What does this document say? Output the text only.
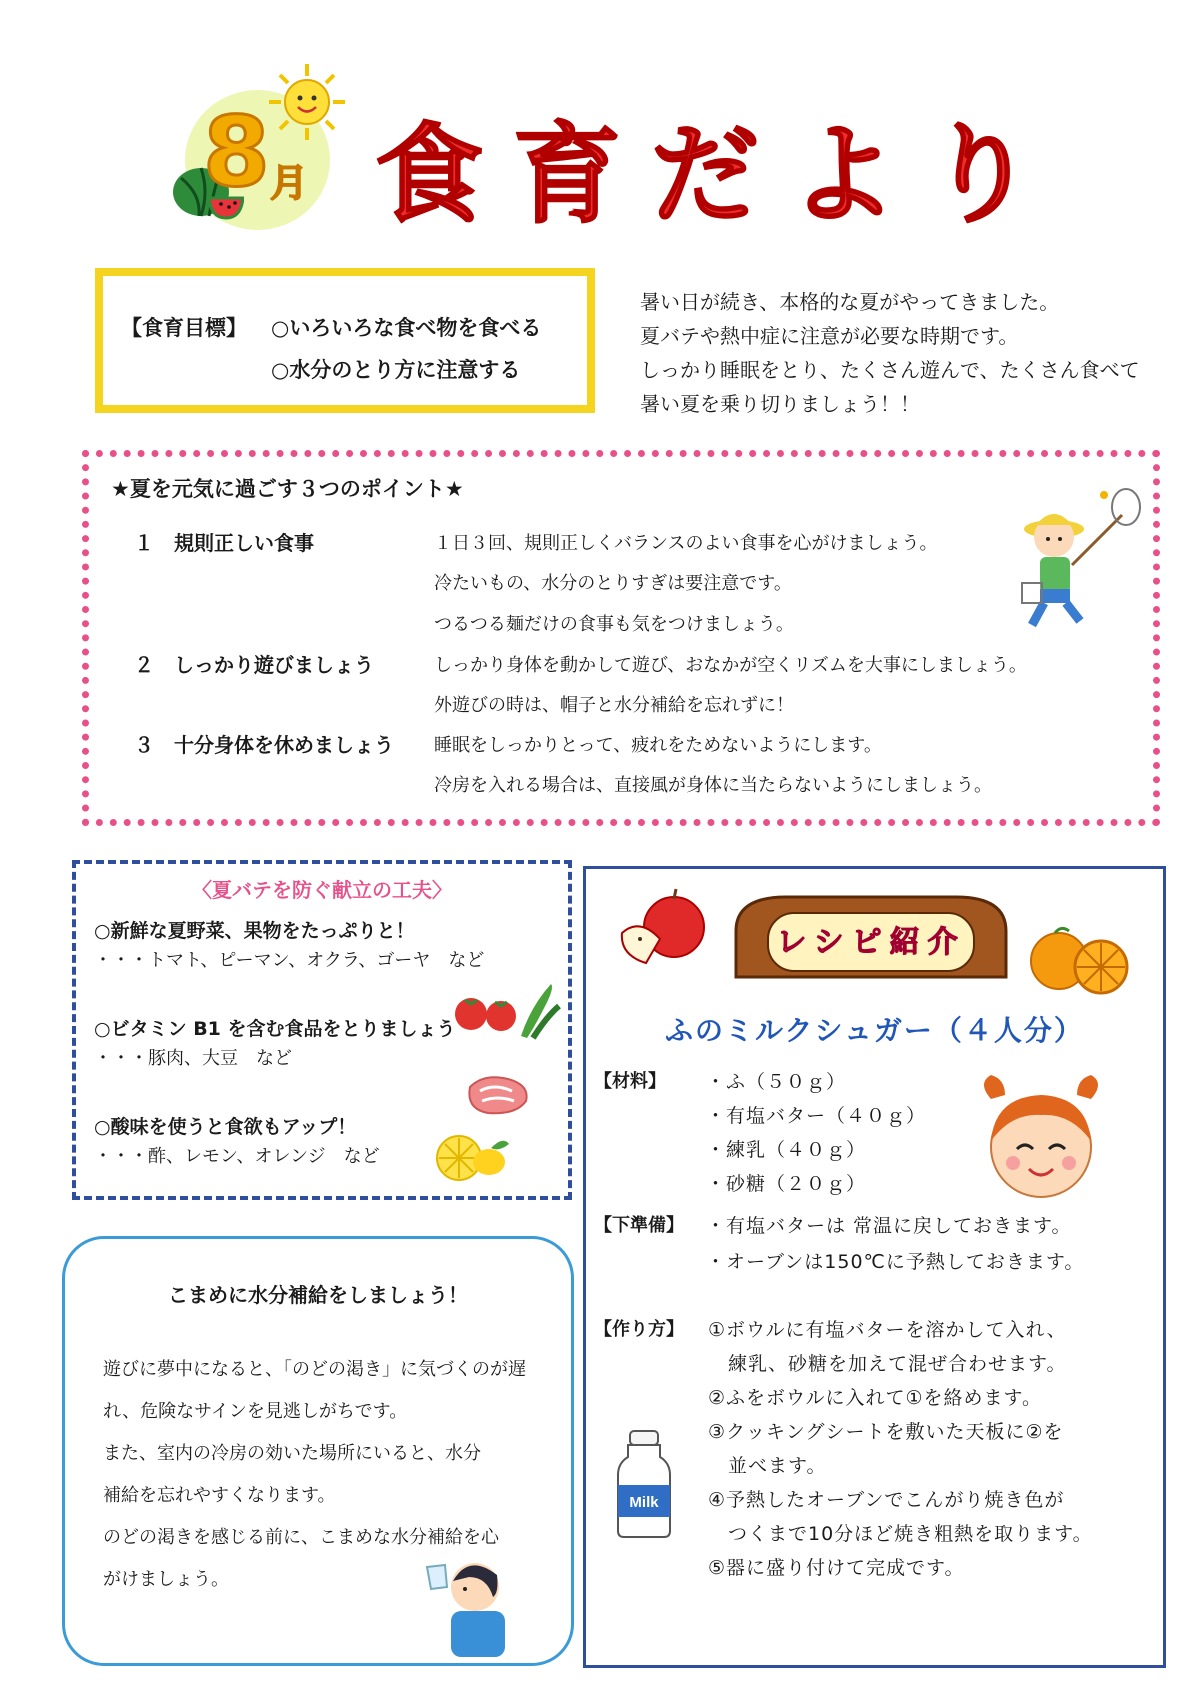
8 月 食育だより
【食育目標】 ○いろいろな食べ物を食べる
○水分のとり方に注意する
暑い日が続き、本格的な夏がやってきました。
夏バテや熱中症に注意が必要な時期です。
しっかり睡眠をとり、たくさん遊んで、たくさん食べて
暑い夏を乗り切りましょう！！
★夏を元気に過ごす３つのポイント★
１　規則正しい食事	１日３回、規則正しくバランスのよい食事を心がけましょう。
冷たいもの、水分のとりすぎは要注意です。
つるつる麺だけの食事も気をつけましょう。
２　しっかり遊びましょう	しっかり身体を動かして遊び、おなかが空くリズムを大事にしましょう。
外遊びの時は、帽子と水分補給を忘れずに！
３　十分身体を休めましょう 睡眠をしっかりとって、疲れをためないようにします。
冷房を入れる場合は、直接風が身体に当たらないようにしましょう。
〈夏バテを防ぐ献立の工夫〉
○新鮮な夏野菜、果物をたっぷりと！
・・・トマト、ピーマン、オクラ、ゴーヤ　など
○ビタミン B1 を含む食品をとりましょう
・・・豚肉、大豆　など
○酸味を使うと食欲もアップ！
・・・酢、レモン、オレンジ　など
こまめに水分補給をしましょう！
遊びに夢中になると、「のどの渇き」に気づくのが遅
れ、危険なサインを見逃しがちです。
また、室内の冷房の効いた場所にいると、水分
補給を忘れやすくなります。
のどの渇きを感じる前に、こまめな水分補給を心
がけましょう。
レシピ紹介
ふのミルクシュガー（４人分）
【材料】 ・ふ（５０ｇ）
・有塩バター（４０ｇ）
・練乳（４０ｇ）
・砂糖（２０ｇ）
【下準備】 ・有塩バターは 常温に戻しておきます。
・オーブンは150℃に予熱しておきます。
【作り方】 ①ボウルに有塩バターを溶かして入れ、
　練乳、砂糖を加えて混ぜ合わせます。
②ふをボウルに入れて①を絡めます。
③クッキングシートを敷いた天板に②を
　並べます。
④予熱したオーブンでこんがり焼き色が
　つくまで10分ほど焼き粗熱を取ります。
⑤器に盛り付けて完成です。
Milk
